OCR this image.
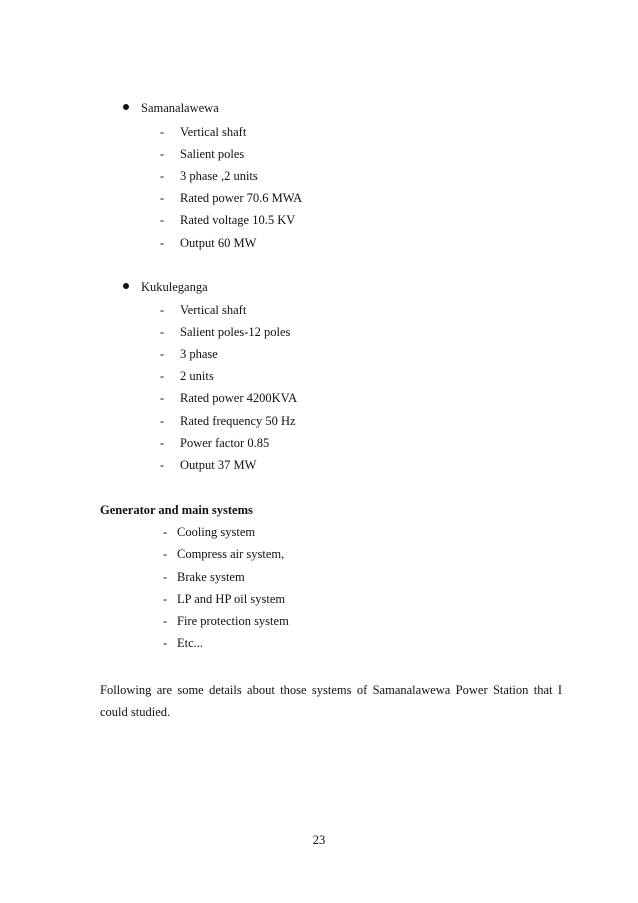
Samanalawewa
- Vertical shaft
- Salient poles
- 3 phase ,2 units
- Rated power 70.6 MWA
- Rated voltage 10.5 KV
- Output 60 MW
Kukuleganga
- Vertical shaft
- Salient poles-12 poles
- 3 phase
- 2 units
- Rated power 4200KVA
- Rated frequency 50 Hz
- Power factor 0.85
- Output 37 MW
Generator and main systems
- Cooling system
- Compress air system,
- Brake system
- LP and HP oil system
- Fire protection system
- Etc...
Following are some details about those systems of Samanalawewa Power Station that I could studied.
23
